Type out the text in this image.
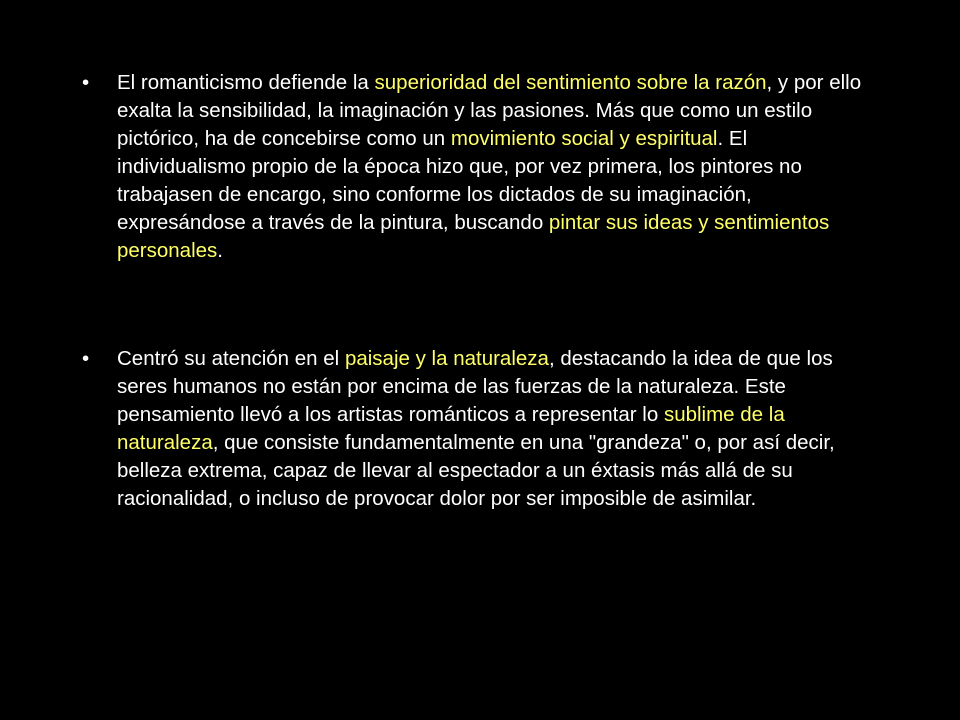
•	El romanticismo defiende la superioridad del sentimiento sobre la razón, y por ello exalta la sensibilidad, la imaginación y las pasiones. Más que como un estilo pictórico, ha de concebirse como un movimiento social y espiritual. El individualismo propio de la época hizo que, por vez primera, los pintores no trabajasen de encargo, sino conforme los dictados de su imaginación, expresándose a través de la pintura, buscando pintar sus ideas y sentimientos personales.
•	Centró su atención en el paisaje y la naturaleza, destacando la idea de que los seres humanos no están por encima de las fuerzas de la naturaleza. Este pensamiento llevó a los artistas románticos a representar lo sublime de la naturaleza, que consiste fundamentalmente en una "grandeza" o, por así decir, belleza extrema, capaz de llevar al espectador a un éxtasis más allá de su racionalidad, o incluso de provocar dolor por ser imposible de asimilar.
